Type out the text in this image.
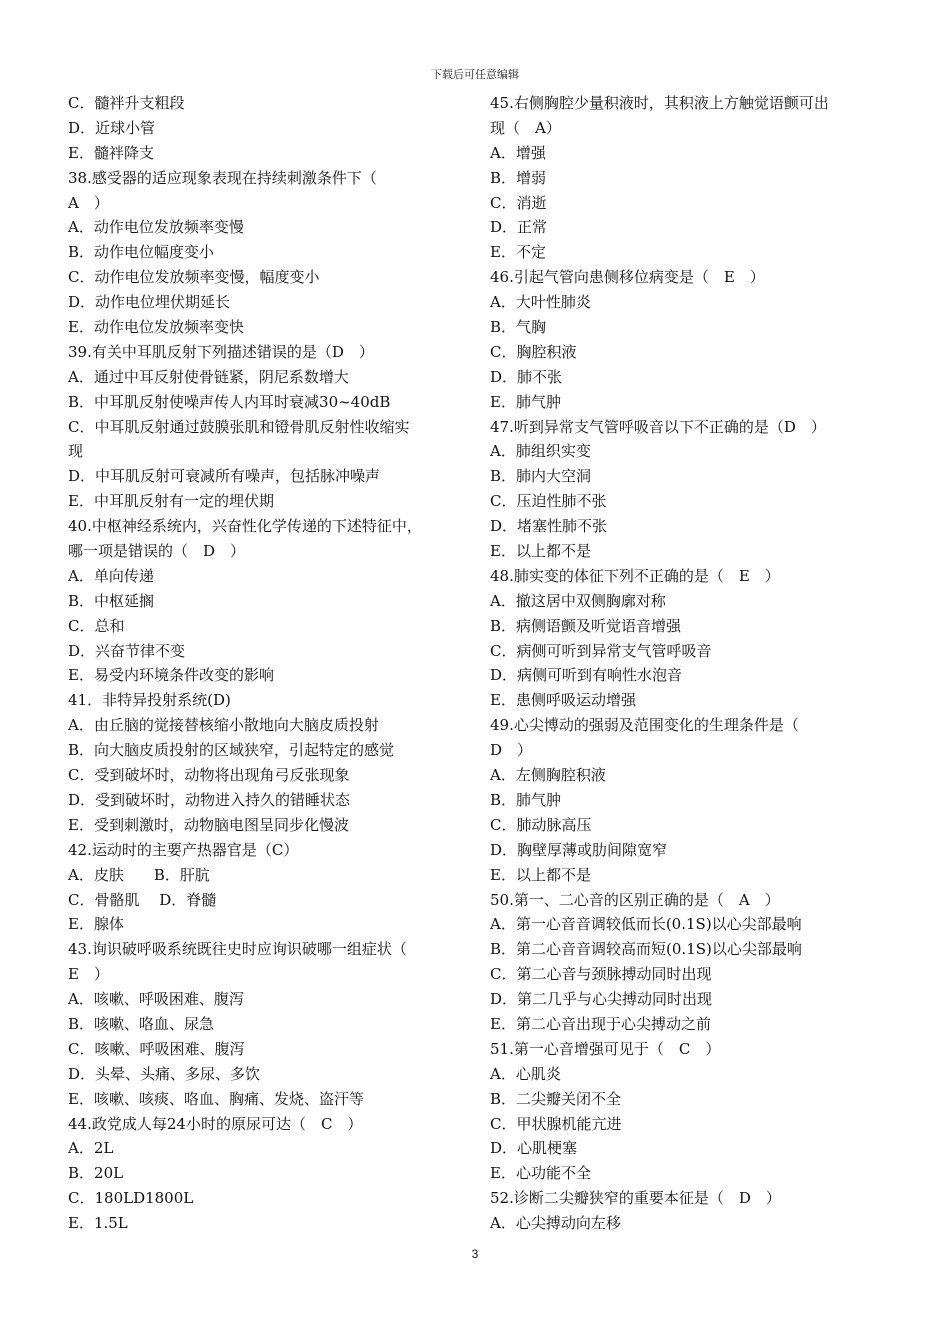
下载后可任意编辑
C．髓袢升支粗段
D．近球小管
E．髓袢降支
38.感受器的适应现象表现在持续刺激条件下（
A　）
A．动作电位发放频率变慢
B．动作电位幅度变小
C．动作电位发放频率变慢，幅度变小
D．动作电位埋伏期延长
E．动作电位发放频率变快
39.有关中耳肌反射下列描述错误的是（D　）
A．通过中耳反射使骨链紧，阴尼系数增大
B．中耳肌反射使噪声传人内耳时衰减30~40dB
C．中耳肌反射通过鼓膜张肌和镫骨肌反射性收缩实
现
D．中耳肌反射可衰减所有噪声，包括脉冲噪声
E．中耳肌反射有一定的埋伏期
40.中枢神经系统内，兴奋性化学传递的下述特征中，
哪一项是错误的（　D　）
A．单向传递
B．中枢延搁
C．总和
D．兴奋节律不变
E．易受内环境条件改变的影响
41．非特异投射系统(D)
A．由丘脑的觉接替核缩小散地向大脑皮质投射
B．向大脑皮质投射的区域狭窄，引起特定的感觉
C．受到破坏时，动物将出现角弓反张现象
D．受到破坏时，动物进入持久的错睡状态
E．受到刺激时，动物脑电图呈同步化慢波
42.运动时的主要产热器官是（C）
A．皮肤　　B．肝肮
C．骨骼肌　 D．脊髓
E．腺体
43.询识破呼吸系统既往史时应询识破哪一组症状（
E　）
A．咳嗽、呼吸困难、腹泻
B．咳嗽、咯血、尿急
C．咳嗽、呼吸困难、腹泻
D．头晕、头痛、多尿、多饮
E．咳嗽、咳痰、咯血、胸痛、发烧、盗汗等
44.政党成人每24小时的原尿可达（　C　）
A．2L
B．20L
C．180LD1800L
E．1.5L
45.右侧胸腔少量积液时，其积液上方触觉语颤可出
现（　A）
A．增强
B．增弱
C．消逝
D．正常
E．不定
46.引起气管向患侧移位病变是（　E　）
A．大叶性肺炎
B．气胸
C．胸腔积液
D．肺不张
E．肺气肿
47.听到异常支气管呼吸音以下不正确的是（D　）
A．肺组织实变
B．肺内大空洞
C．压迫性肺不张
D．堵塞性肺不张
E．以上都不是
48.肺实变的体征下列不正确的是（　E　）
A．撤这居中双侧胸廓对称
B．病侧语颤及听觉语音增强
C．病侧可听到异常支气管呼吸音
D．病侧可听到有响性水泡音
E．患侧呼吸运动增强
49.心尖博动的强弱及范围变化的生理条件是（
D　）
A．左侧胸腔积液
B．肺气肿
C．肺动脉高压
D．胸壁厚薄或肋间隙宽窄
E．以上都不是
50.第一、二心音的区别正确的是（　A　）
A．第一心音音调较低而长(0.1S)以心尖部最响
B．第二心音音调较高而短(0.1S)以心尖部最响
C．第二心音与颈脉搏动同时出现
D．第二几乎与心尖搏动同时出现
E．第二心音出现于心尖搏动之前
51.第一心音增强可见于（　C　）
A．心肌炎
B．二尖瓣关闭不全
C．甲状腺机能亢进
D．心肌梗塞
E．心功能不全
52.诊断二尖瓣狭窄的重要本征是（　D　）
A．心尖搏动向左移
3
